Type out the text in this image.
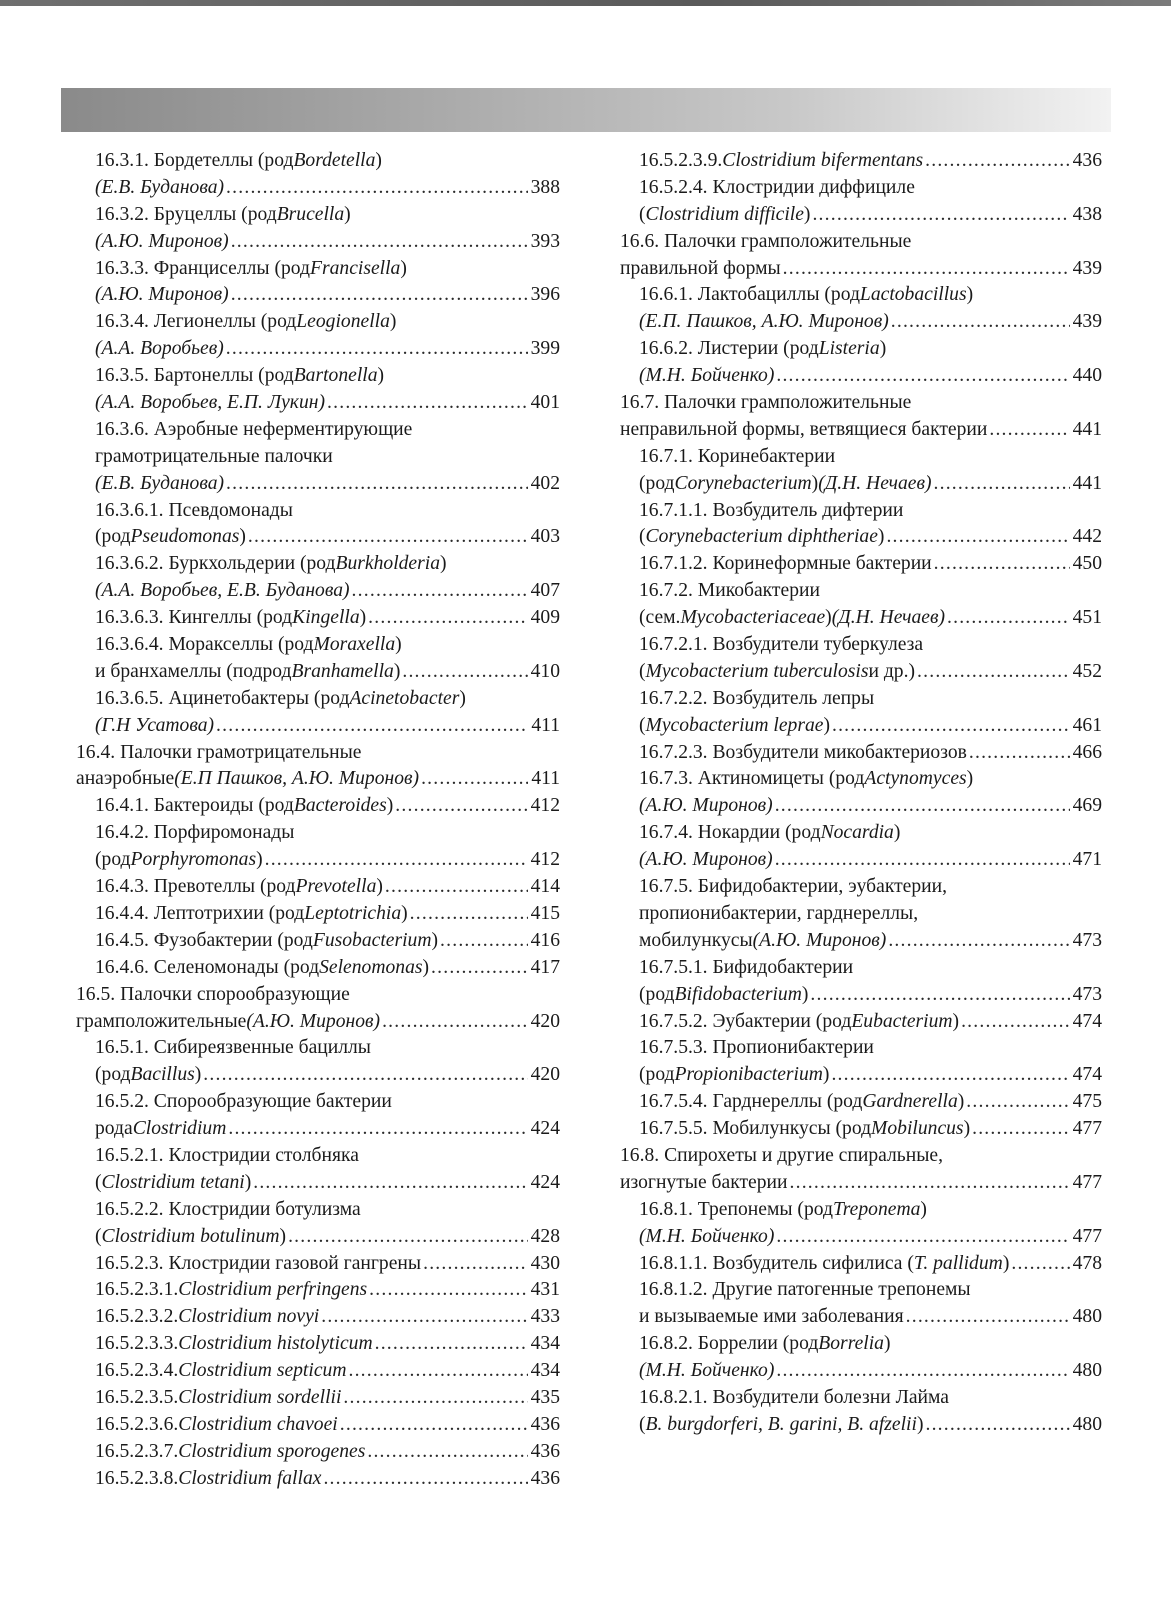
16.3.1. Бордетеллы (род Bordetella )
(Е.В. Буданова) .....	388
16.3.2. Бруцеллы (род Brucella )
(А.Ю. Миронов) .....	393
16.3.3. Франциселлы (род Francisella )
(А.Ю. Миронов) .....	396
16.3.4. Легионеллы (род Leogionella )
(А.А. Воробьев) .....	399
16.3.5. Бартонеллы (род Bartonella )
(А.А. Воробьев, Е.П. Лукин) .....	401
16.3.6. Аэробные неферментирующие
грамотрицательные палочки
(Е.В. Буданова) .....	402
16.3.6.1. Псевдомонады
(род Pseudomonas ) .....	403
16.3.6.2. Буркхольдерии (род Burkholderia )
(А.А. Воробьев, Е.В. Буданова) .....	407
16.3.6.3. Кингеллы (род Kingella ) .....	409
16.3.6.4. Моракселлы (род Moraxella )
и бранхамеллы (подрод Branhamella ) .....	410
16.3.6.5. Ацинетобактеры (род Acinetobacter )
(Г.Н Усатова) .....	411
16.4. Палочки грамотрицательные
анаэробные (Е.П Пашков, А.Ю. Миронов) .....	411
16.4.1. Бактероиды (род Bacteroides ) .....	412
16.4.2. Порфиромонады
(род Porphyromonas ) .....	412
16.4.3. Превотеллы (род Prevotella ) .....	414
16.4.4. Лептотрихии (род Leptotrichia ) .....	415
16.4.5. Фузобактерии (род Fusobacterium ) .....	416
16.4.6. Селеномонады (род Selenomonas ) .....	417
16.5. Палочки спорообразующие
грамположительные (А.Ю. Миронов) .....	420
16.5.1. Сибиреязвенные бациллы
(род Bacillus ) .....	420
16.5.2. Спорообразующие бактерии
рода Clostridium .....	424
16.5.2.1. Клостридии столбняка
( Clostridium tetani ) .....	424
16.5.2.2. Клостридии ботулизма
( Clostridium botulinum ) .....	428
16.5.2.3. Клостридии газовой гангрены .....	430
16.5.2.3.1. Clostridium perfringens .....	431
16.5.2.3.2. Clostridium novyi .....	433
16.5.2.3.3. Clostridium histolyticum .....	434
16.5.2.3.4. Clostridium septicum .....	434
16.5.2.3.5. Clostridium sordellii .....	435
16.5.2.3.6. Clostridium chavoei .....	436
16.5.2.3.7. Clostridium sporogenes .....	436
16.5.2.3.8. Clostridium fallax .....	436
16.5.2.3.9. Clostridium bifermentans .....	436
16.5.2.4. Клостридии диффициле
( Clostridium difficile ) .....	438
16.6. Палочки грамположительные
правильной формы .....	439
16.6.1. Лактобациллы (род Lactobacillus )
(Е.П. Пашков, А.Ю. Миронов) .....	439
16.6.2. Листерии (род Listeria )
(М.Н. Бойченко) .....	440
16.7. Палочки грамположительные
неправильной формы, ветвящиеся бактерии .....	441
16.7.1. Коринебактерии
(род Corynebacterium ) (Д.Н. Нечаев) .....	441
16.7.1.1. Возбудитель дифтерии
( Corynebacterium diphtheriae ) .....	442
16.7.1.2. Коринеформные бактерии .....	450
16.7.2. Микобактерии
(сем. Mycobacteriaceae ) (Д.Н. Нечаев) .....	451
16.7.2.1. Возбудители туберкулеза
( Mycobacterium tuberculosis и др.) .....	452
16.7.2.2. Возбудитель лепры
( Mycobacterium leprae ) .....	461
16.7.2.3. Возбудители микобактериозов .....	466
16.7.3. Актиномицеты (род Actynomyces )
(А.Ю. Миронов) .....	469
16.7.4. Нокардии (род Nocardia )
(А.Ю. Миронов) .....	471
16.7.5. Бифидобактерии, эубактерии,
пропионибактерии, гарднереллы,
мобилункусы (А.Ю. Миронов) .....	473
16.7.5.1. Бифидобактерии
(род Bifidobacterium ) .....	473
16.7.5.2. Эубактерии (род Eubacterium ) .....	474
16.7.5.3. Пропионибактерии
(род Propionibacterium ) .....	474
16.7.5.4. Гарднереллы (род Gardnerella ) .....	475
16.7.5.5. Мобилункусы (род Mobiluncus ) .....	477
16.8. Спирохеты и другие спиральные,
изогнутые бактерии .....	477
16.8.1. Трепонемы (род Treponema )
(М.Н. Бойченко) .....	477
16.8.1.1. Возбудитель сифилиса ( T. pallidum ) .....	478
16.8.1.2. Другие патогенные трепонемы
и вызываемые ими заболевания .....	480
16.8.2. Боррелии (род Borrelia )
(М.Н. Бойченко) .....	480
16.8.2.1. Возбудители болезни Лайма
( B. burgdorferi, B. garini, B. afzelii ) .....	480
